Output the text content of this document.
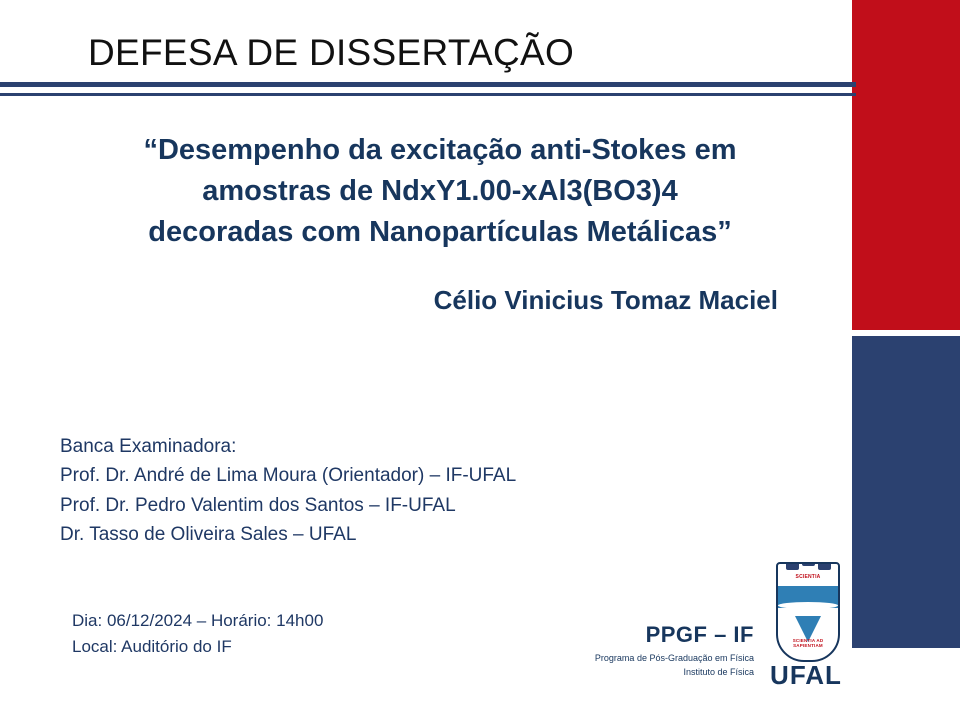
DEFESA DE DISSERTAÇÃO
“Desempenho da excitação anti-Stokes em
amostras de NdxY1.00-xAl3(BO3)4
decoradas com Nanopartículas Metálicas”
Célio Vinicius Tomaz Maciel
Banca Examinadora:
Prof. Dr. André de Lima Moura (Orientador) – IF-UFAL
Prof. Dr. Pedro Valentim dos Santos – IF-UFAL
Dr. Tasso de Oliveira Sales – UFAL
Dia: 06/12/2024 – Horário: 14h00
Local: Auditório do IF	PPGF – IF
Programa de Pós-Graduação em Física
Instituto de Física
SCIENTIA
SCIENTIA AD SAPIENTIAM
UFAL
